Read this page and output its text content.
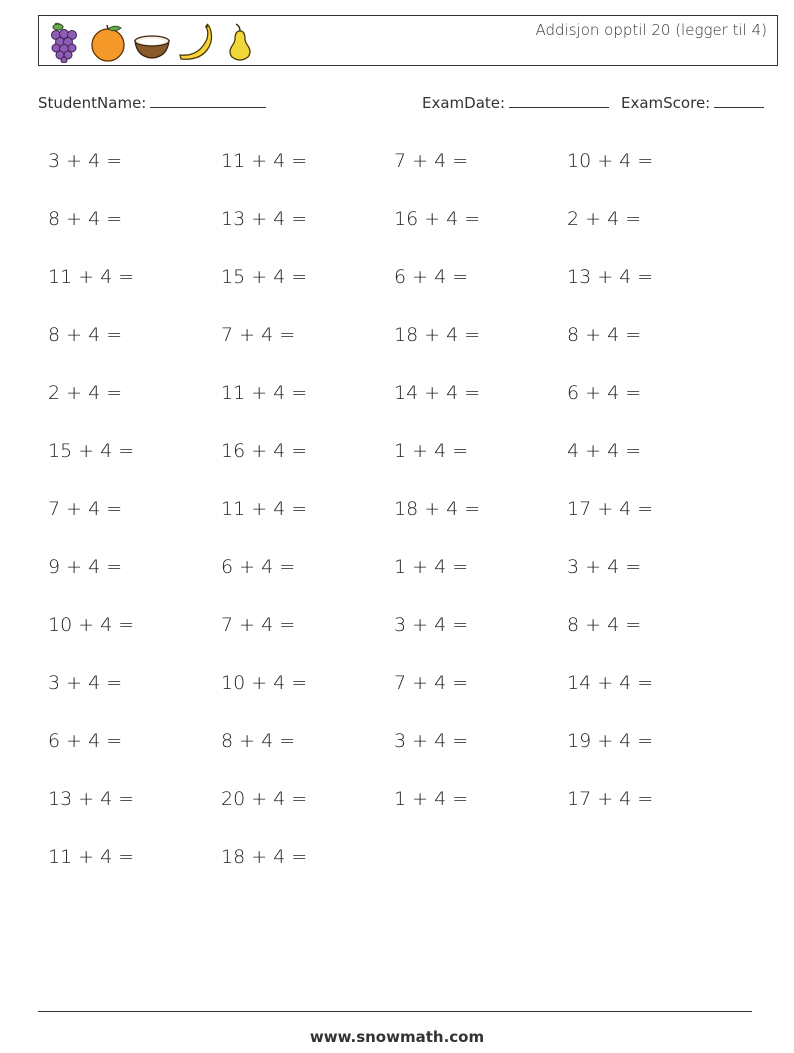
Addisjon opptil 20 (legger til 4)
StudentName:	ExamDate:	ExamScore:
3 + 4 =	11 + 4 =	7 + 4 =	10 + 4 =
8 + 4 =	13 + 4 =	16 + 4 =	2 + 4 =
11 + 4 =	15 + 4 =	6 + 4 =	13 + 4 =
8 + 4 =	7 + 4 =	18 + 4 =	8 + 4 =
2 + 4 =	11 + 4 =	14 + 4 =	6 + 4 =
15 + 4 =	16 + 4 =	1 + 4 =	4 + 4 =
7 + 4 =	11 + 4 =	18 + 4 =	17 + 4 =
9 + 4 =	6 + 4 =	1 + 4 =	3 + 4 =
10 + 4 =	7 + 4 =	3 + 4 =	8 + 4 =
3 + 4 =	10 + 4 =	7 + 4 =	14 + 4 =
6 + 4 =	8 + 4 =	3 + 4 =	19 + 4 =
13 + 4 =	20 + 4 =	1 + 4 =	17 + 4 =
11 + 4 =	18 + 4 =
www.snowmath.com
